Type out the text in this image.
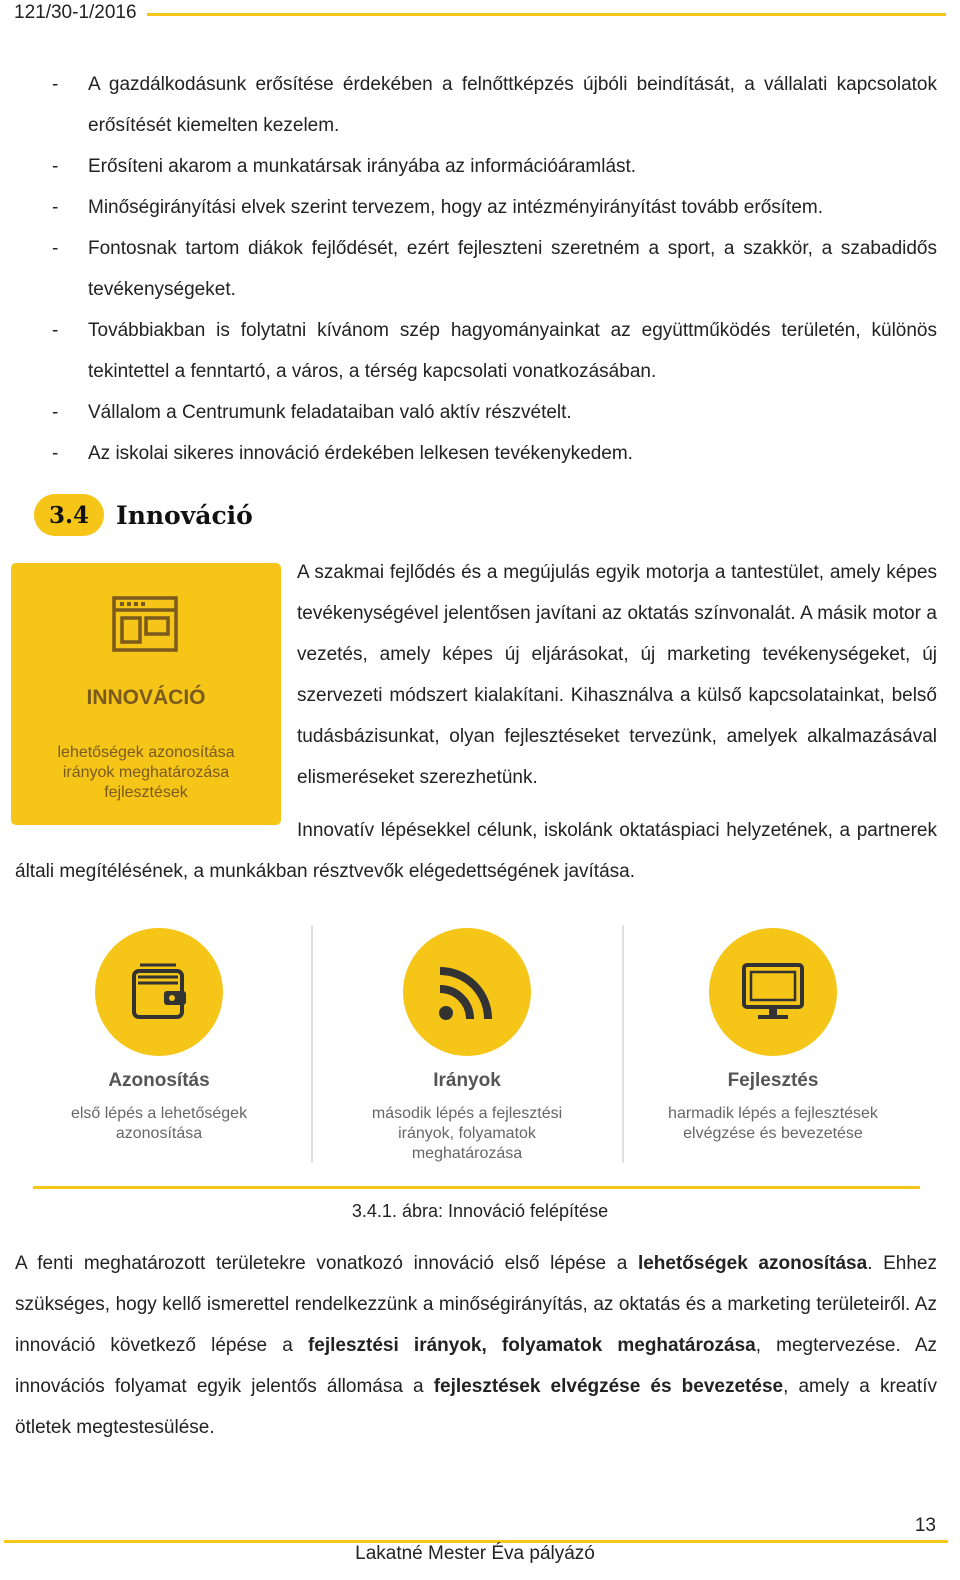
121/30-1/2016
-	A gazdálkodásunk erősítése érdekében a felnőttképzés újbóli beindítását, a vállalati kapcsolatok erősítését kiemelten kezelem.
-	Erősíteni akarom a munkatársak irányába az információáramlást.
-	Minőségirányítási elvek szerint tervezem, hogy az intézményirányítást tovább erősítem.
-	Fontosnak tartom diákok fejlődését, ezért fejleszteni szeretném a sport, a szakkör, a szabadidős tevékenységeket.
-	Továbbiakban is folytatni kívánom szép hagyományainkat az együttműködés területén, különös tekintettel a fenntartó, a város, a térség kapcsolati vonatkozásában.
-	Vállalom a Centrumunk feladataiban való aktív részvételt.
-	Az iskolai sikeres innováció érdekében lelkesen tevékenykedem.
3.4	Innováció
INNOVÁCIÓ
lehetőségek azonosítása
irányok meghatározása
fejlesztések
A szakmai fejlődés és a megújulás egyik motorja a tantestület, amely képes tevékenységével jelentősen javítani az oktatás színvonalát. A másik motor a vezetés, amely képes új eljárásokat, új marketing tevékenységeket, új szervezeti módszert kialakítani. Kihasználva a külső kapcsolatainkat, belső tudásbázisunkat, olyan fejlesztéseket tervezünk, amelyek alkalmazásával elismeréseket szerezhetünk.
Innovatív lépésekkel célunk, iskolánk oktatáspiaci helyzetének, a partnerek általi megítélésének, a munkákban résztvevők elégedettségének javítása.
Azonosítás
első lépés a lehetőségek azonosítása
Irányok
második lépés a fejlesztési irányok, folyamatok meghatározása
Fejlesztés
harmadik lépés a fejlesztések elvégzése és bevezetése
3.4.1. ábra: Innováció felépítése
A fenti meghatározott területekre vonatkozó innováció első lépése a lehetőségek azonosítása. Ehhez szükséges, hogy kellő ismerettel rendelkezzünk a minőségirányítás, az oktatás és a marketing területeiről. Az innováció következő lépése a fejlesztési irányok, folyamatok meghatározása, megtervezése. Az innovációs folyamat egyik jelentős állomása a fejlesztések elvégzése és bevezetése, amely a kreatív ötletek megtestesülése.
13
Lakatné Mester Éva pályázó
